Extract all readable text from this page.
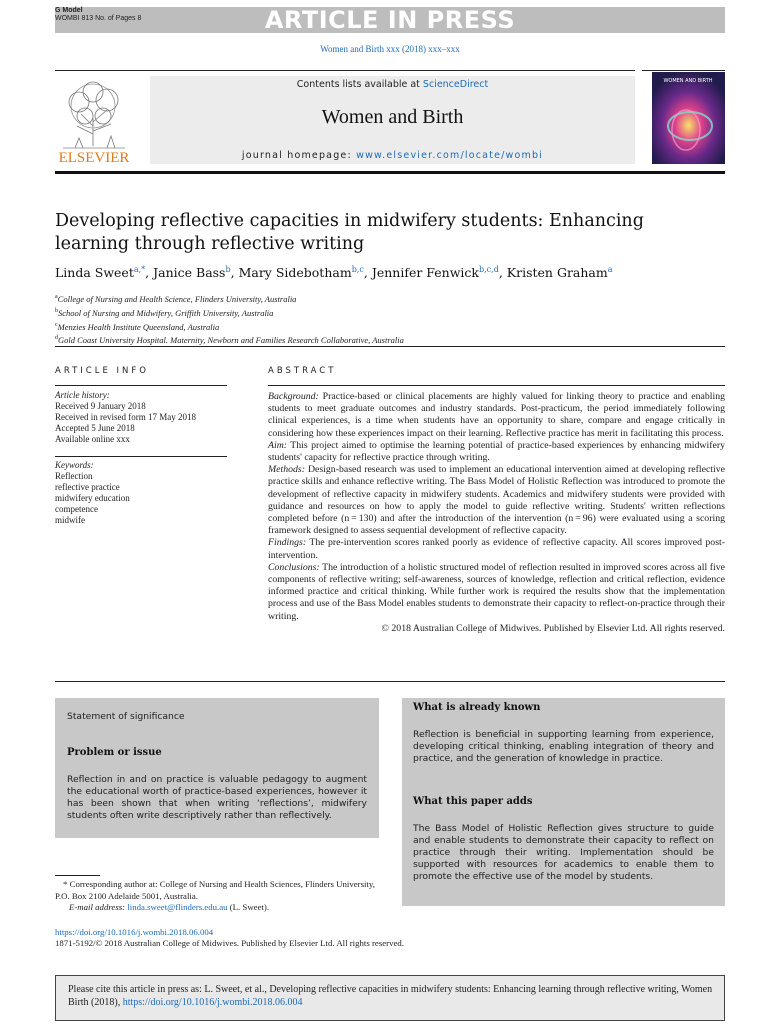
G Model
WOMBI 813 No. of Pages 8	ARTICLE IN PRESS
Women and Birth xxx (2018) xxx–xxx
ELSEVIER
Contents lists available at ScienceDirect
Women and Birth
journal homepage: www.elsevier.com/locate/wombi
WOMEN AND BIRTH
Developing reflective capacities in midwifery students: Enhancing learning through reflective writing
Linda Sweet$^{a,*}$, Janice Bass$^b$, Mary Sidebotham$^{b,c}$, Jennifer Fenwick$^{b,c,d}$, Kristen Graham$^a$
$^a$College of Nursing and Health Science, Flinders University, Australia
$^b$School of Nursing and Midwifery, Griffith University, Australia
$^c$Menzies Health Institute Queensland, Australia
$^d$Gold Coast University Hospital. Maternity, Newborn and Families Research Collaborative, Australia
ARTICLE INFO
Article history:
Received 9 January 2018
Received in revised form 17 May 2018
Accepted 5 June 2018
Available online xxx
Keywords:
Reflection
reflective practice
midwifery education
competence
midwife
ABSTRACT

Background: Practice-based or clinical placements are highly valued for linking theory to practice and enabling students to meet graduate outcomes and industry standards. Post-practicum, the period immediately following clinical experiences, is a time when students have an opportunity to share, compare and engage critically in considering how these experiences impact on their learning. Reflective practice has merit in facilitating this process.

Aim: This project aimed to optimise the learning potential of practice-based experiences by enhancing midwifery students' capacity for reflective practice through writing.

Methods: Design-based research was used to implement an educational intervention aimed at developing reflective practice skills and enhance reflective writing. The Bass Model of Holistic Reflection was introduced to promote the development of reflective capacity in midwifery students. Academics and midwifery students were provided with guidance and resources on how to apply the model to guide reflective writing. Students' written reflections completed before (n = 130) and after the introduction of the intervention (n = 96) were evaluated using a scoring framework designed to assess sequential development of reflective capacity.

Findings: The pre-intervention scores ranked poorly as evidence of reflective capacity. All scores improved post-intervention.

Conclusions: The introduction of a holistic structured model of reflection resulted in improved scores across all five components of reflective writing; self-awareness, sources of knowledge, reflection and critical reflection, evidence informed practice and critical thinking. While further work is required the results show that the implementation process and use of the Bass Model enables students to demonstrate their capacity to reflect-on-practice through their writing.

© 2018 Australian College of Midwives. Published by Elsevier Ltd. All rights reserved.

Statement of significance
Problem or issue
Reflection in and on practice is valuable pedagogy to augment the educational worth of practice-based experiences, however it has been shown that when writing ‘reflections’, midwifery students often write descriptively rather than reflectively.
What is already known
Reflection is beneficial in supporting learning from experience, developing critical thinking, enabling integration of theory and practice, and the generation of knowledge in practice.
What this paper adds
The Bass Model of Holistic Reflection gives structure to guide and enable students to demonstrate their capacity to reflect on practice through their writing. Implementation should be supported with resources for academics to enable them to promote the effective use of the model by students.
* Corresponding author at: College of Nursing and Health Sciences, Flinders University, P.O. Box 2100 Adelaide 5001, Australia.
E-mail address: linda.sweet@flinders.edu.au (L. Sweet).
https://doi.org/10.1016/j.wombi.2018.06.004
1871-5192/© 2018 Australian College of Midwives. Published by Elsevier Ltd. All rights reserved.
Please cite this article in press as: L. Sweet, et al., Developing reflective capacities in midwifery students: Enhancing learning through reflective writing, Women Birth (2018), https://doi.org/10.1016/j.wombi.2018.06.004
